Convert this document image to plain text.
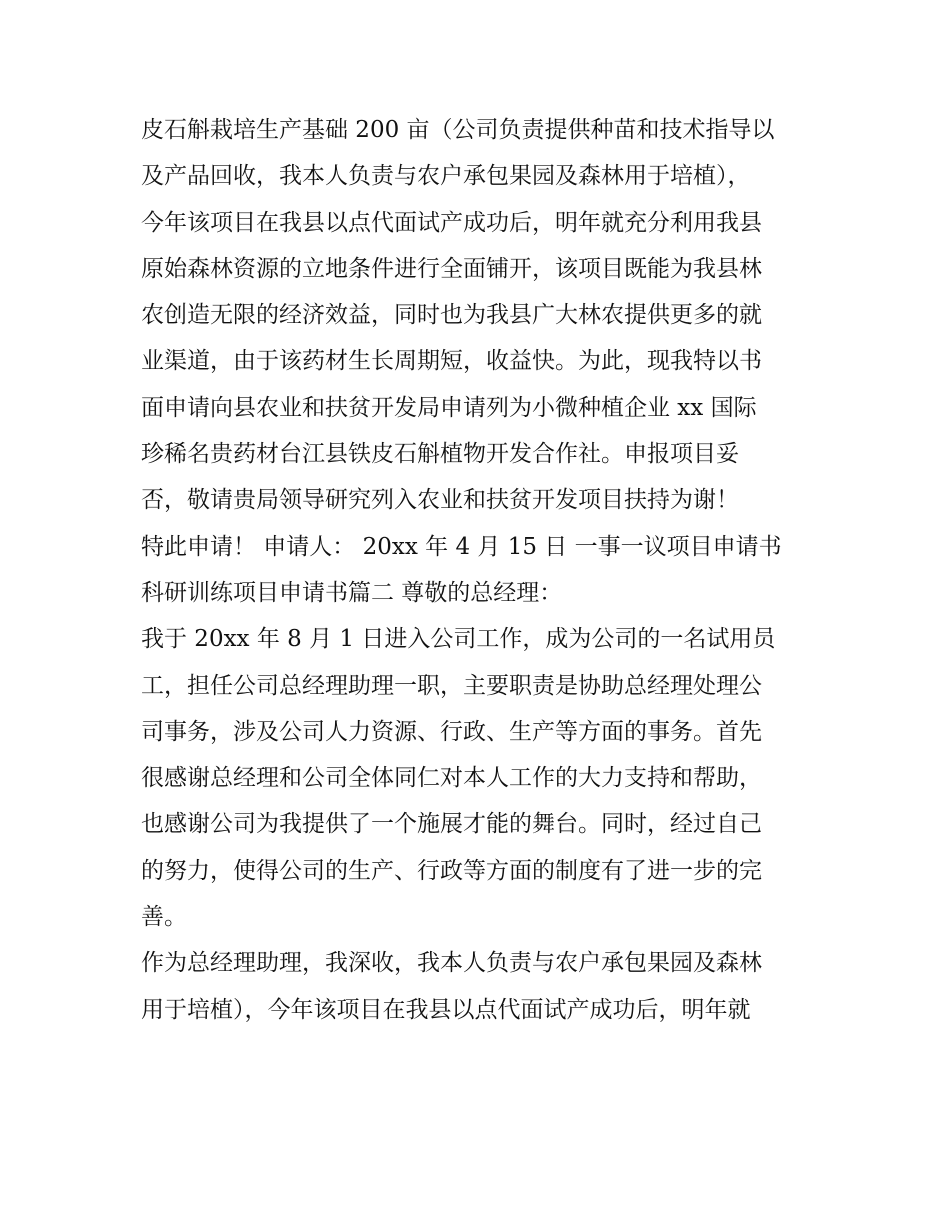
皮石斛栽培生产基础 200 亩（公司负责提供种苗和技术指导以
及产品回收，我本人负责与农户承包果园及森林用于培植），
今年该项目在我县以点代面试产成功后，明年就充分利用我县
原始森林资源的立地条件进行全面铺开，该项目既能为我县林
农创造无限的经济效益，同时也为我县广大林农提供更多的就
业渠道，由于该药材生长周期短，收益快。为此，现我特以书
面申请向县农业和扶贫开发局申请列为小微种植企业 xx 国际
珍稀名贵药材台江县铁皮石斛植物开发合作社。申报项目妥
否，敬请贵局领导研究列入农业和扶贫开发项目扶持为谢！
特此申请！ 申请人： 20xx 年 4 月 15 日 一事一议项目申请书
科研训练项目申请书篇二 尊敬的总经理：
我于 20xx 年 8 月 1 日进入公司工作，成为公司的一名试用员
工，担任公司总经理助理一职，主要职责是协助总经理处理公
司事务，涉及公司人力资源、行政、生产等方面的事务。首先
很感谢总经理和公司全体同仁对本人工作的大力支持和帮助，
也感谢公司为我提供了一个施展才能的舞台。同时，经过自己
的努力，使得公司的生产、行政等方面的制度有了进一步的完
善。
作为总经理助理，我深收，我本人负责与农户承包果园及森林
用于培植），今年该项目在我县以点代面试产成功后，明年就
